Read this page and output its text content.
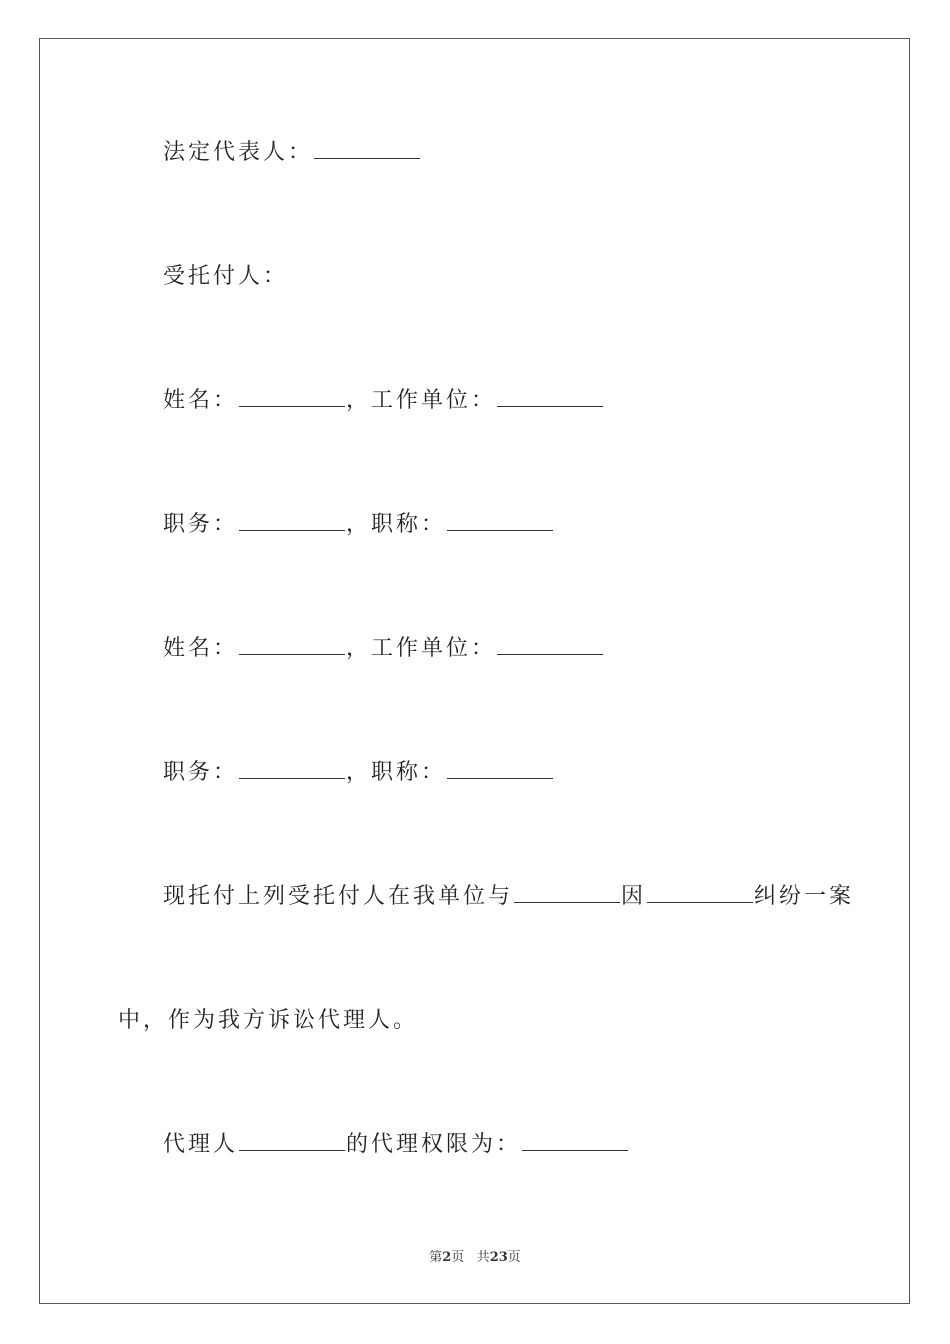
法定代表人：
受托付人：
姓名：	，工作单位：
职务：	，职称：
姓名：	，工作单位：
职务：	，职称：
现托付上列受托付人在我单位与	因	纠纷一案
中，作为我方诉讼代理人。
代理人	的代理权限为：
第2页 共23页
